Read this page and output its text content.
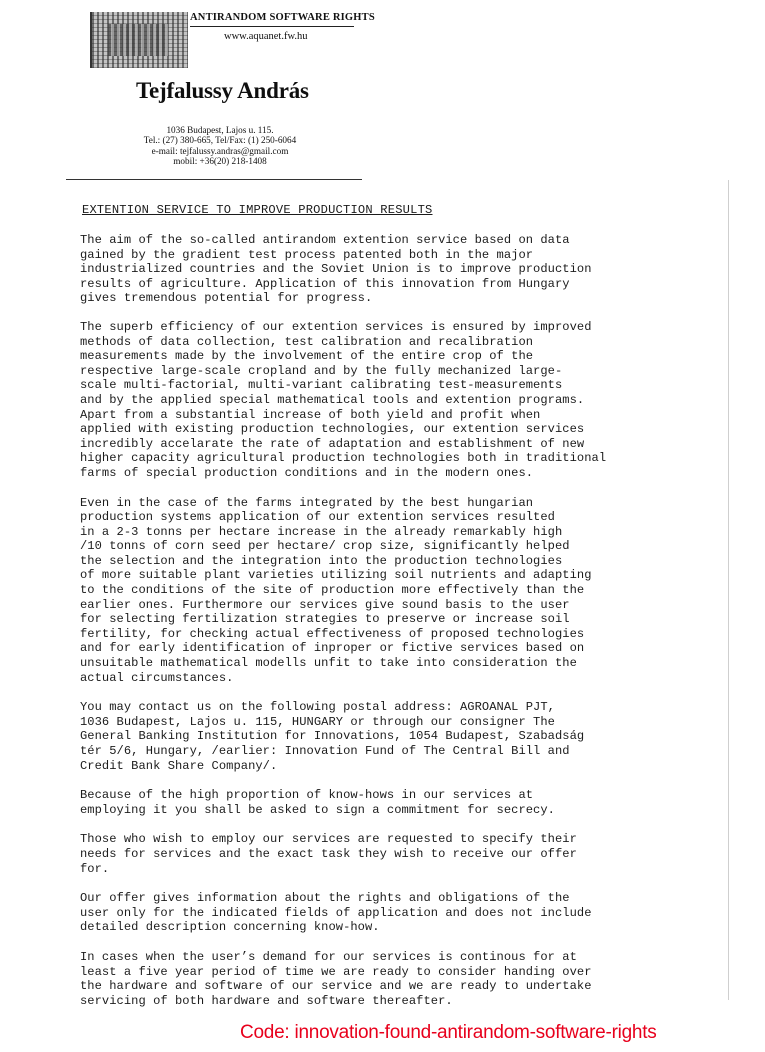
ANTIRANDOM SOFTWARE RIGHTS
www.aquanet.fw.hu
Tejfalussy András
1036 Budapest, Lajos u. 115.
Tel.: (27) 380-665, Tel/Fax: (1) 250-6064
e-mail: tejfalussy.andras@gmail.com
mobil: +36(20) 218-1408
EXTENTION SERVICE TO IMPROVE PRODUCTION RESULTS
The aim of the so-called antirandom extention service based on data
gained by the gradient test process patented both in the major
industrialized countries and the Soviet Union is to improve production
results of agriculture. Application of this innovation from Hungary
gives tremendous potential for progress.
The superb efficiency of our extention services is ensured by improved
methods of data collection, test calibration and recalibration
measurements made by the involvement of the entire crop of the
respective large-scale cropland and by the fully mechanized large-
scale multi-factorial, multi-variant calibrating test-measurements
and by the applied special mathematical tools and extention programs.
Apart from a substantial increase of both yield and profit when
applied with existing production technologies, our extention services
incredibly accelarate the rate of adaptation and establishment of new
higher capacity agricultural production technologies both in traditional
farms of special production conditions and in the modern ones.
Even in the case of the farms integrated by the best hungarian
production systems application of our extention services resulted
in a 2-3 tonns per hectare increase in the already remarkably high
/10 tonns of corn seed per hectare/ crop size, significantly helped
the selection and the integration into the production technologies
of more suitable plant varieties utilizing soil nutrients and adapting
to the conditions of the site of production more effectively than the
earlier ones. Furthermore our services give sound basis to the user
for selecting fertilization strategies to preserve or increase soil
fertility, for checking actual effectiveness of proposed technologies
and for early identification of inproper or fictive services based on
unsuitable mathematical modells unfit to take into consideration the
actual circumstances.
You may contact us on the following postal address: AGROANAL PJT,
1036 Budapest, Lajos u. 115, HUNGARY or through our consigner The
General Banking Institution for Innovations, 1054 Budapest, Szabadság
tér 5/6, Hungary, /earlier: Innovation Fund of The Central Bill and
Credit Bank Share Company/.
Because of the high proportion of know-hows in our services at
employing it you shall be asked to sign a commitment for secrecy.
Those who wish to employ our services are requested to specify their
needs for services and the exact task they wish to receive our offer
for.
Our offer gives information about the rights and obligations of the
user only for the indicated fields of application and does not include
detailed description concerning know-how.
In cases when the user’s demand for our services is continous for at
least a five year period of time we are ready to consider handing over
the hardware and software of our service and we are ready to undertake
servicing of both hardware and software thereafter.
Code: innovation-found-antirandom-software-rights
